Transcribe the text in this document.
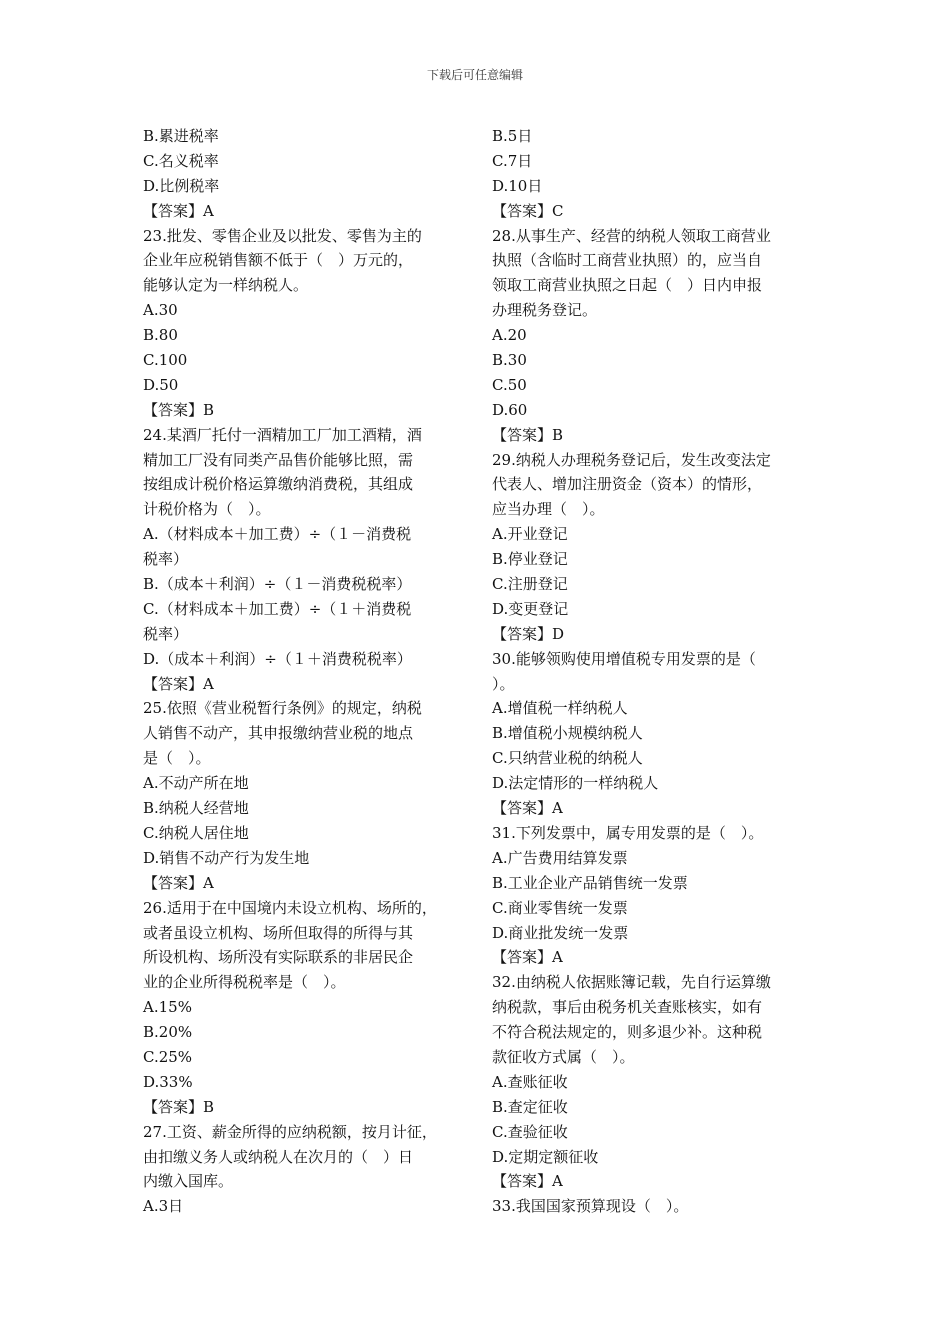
下载后可任意编辑
B.累进税率
C.名义税率
D.比例税率
【答案】A
23.批发、零售企业及以批发、零售为主的
企业年应税销售额不低于（　）万元的，
能够认定为一样纳税人。
A.30
B.80
C.100
D.50
【答案】B
24.某酒厂托付一酒精加工厂加工酒精，酒
精加工厂没有同类产品售价能够比照，需
按组成计税价格运算缴纳消费税，其组成
计税价格为（　）。
A.（材料成本＋加工费）÷（１－消费税
税率）
B.（成本＋利润）÷（１－消费税税率）
C.（材料成本＋加工费）÷（１＋消费税
税率）
D.（成本＋利润）÷（１＋消费税税率）
【答案】A
25.依照《营业税暂行条例》的规定，纳税
人销售不动产，其申报缴纳营业税的地点
是（　）。
A.不动产所在地
B.纳税人经营地
C.纳税人居住地
D.销售不动产行为发生地
【答案】A
26.适用于在中国境内未设立机构、场所的，
或者虽设立机构、场所但取得的所得与其
所设机构、场所没有实际联系的非居民企
业的企业所得税税率是（　）。
A.15%
B.20%
C.25%
D.33%
【答案】B
27.工资、薪金所得的应纳税额，按月计征，
由扣缴义务人或纳税人在次月的（　）日
内缴入国库。
A.3日
B.5日
C.7日
D.10日
【答案】C
28.从事生产、经营的纳税人领取工商营业
执照（含临时工商营业执照）的，应当自
领取工商营业执照之日起（　）日内申报
办理税务登记。
A.20
B.30
C.50
D.60
【答案】B
29.纳税人办理税务登记后，发生改变法定
代表人、增加注册资金（资本）的情形，
应当办理（　）。
A.开业登记
B.停业登记
C.注册登记
D.变更登记
【答案】D
30.能够领购使用增值税专用发票的是（
）。
A.增值税一样纳税人
B.增值税小规模纳税人
C.只纳营业税的纳税人
D.法定情形的一样纳税人
【答案】A
31.下列发票中，属专用发票的是（　）。
A.广告费用结算发票
B.工业企业产品销售统一发票
C.商业零售统一发票
D.商业批发统一发票
【答案】A
32.由纳税人依据账簿记载，先自行运算缴
纳税款，事后由税务机关查账核实，如有
不符合税法规定的，则多退少补。这种税
款征收方式属（　）。
A.查账征收
B.查定征收
C.查验征收
D.定期定额征收
【答案】A
33.我国国家预算现设（　）。
